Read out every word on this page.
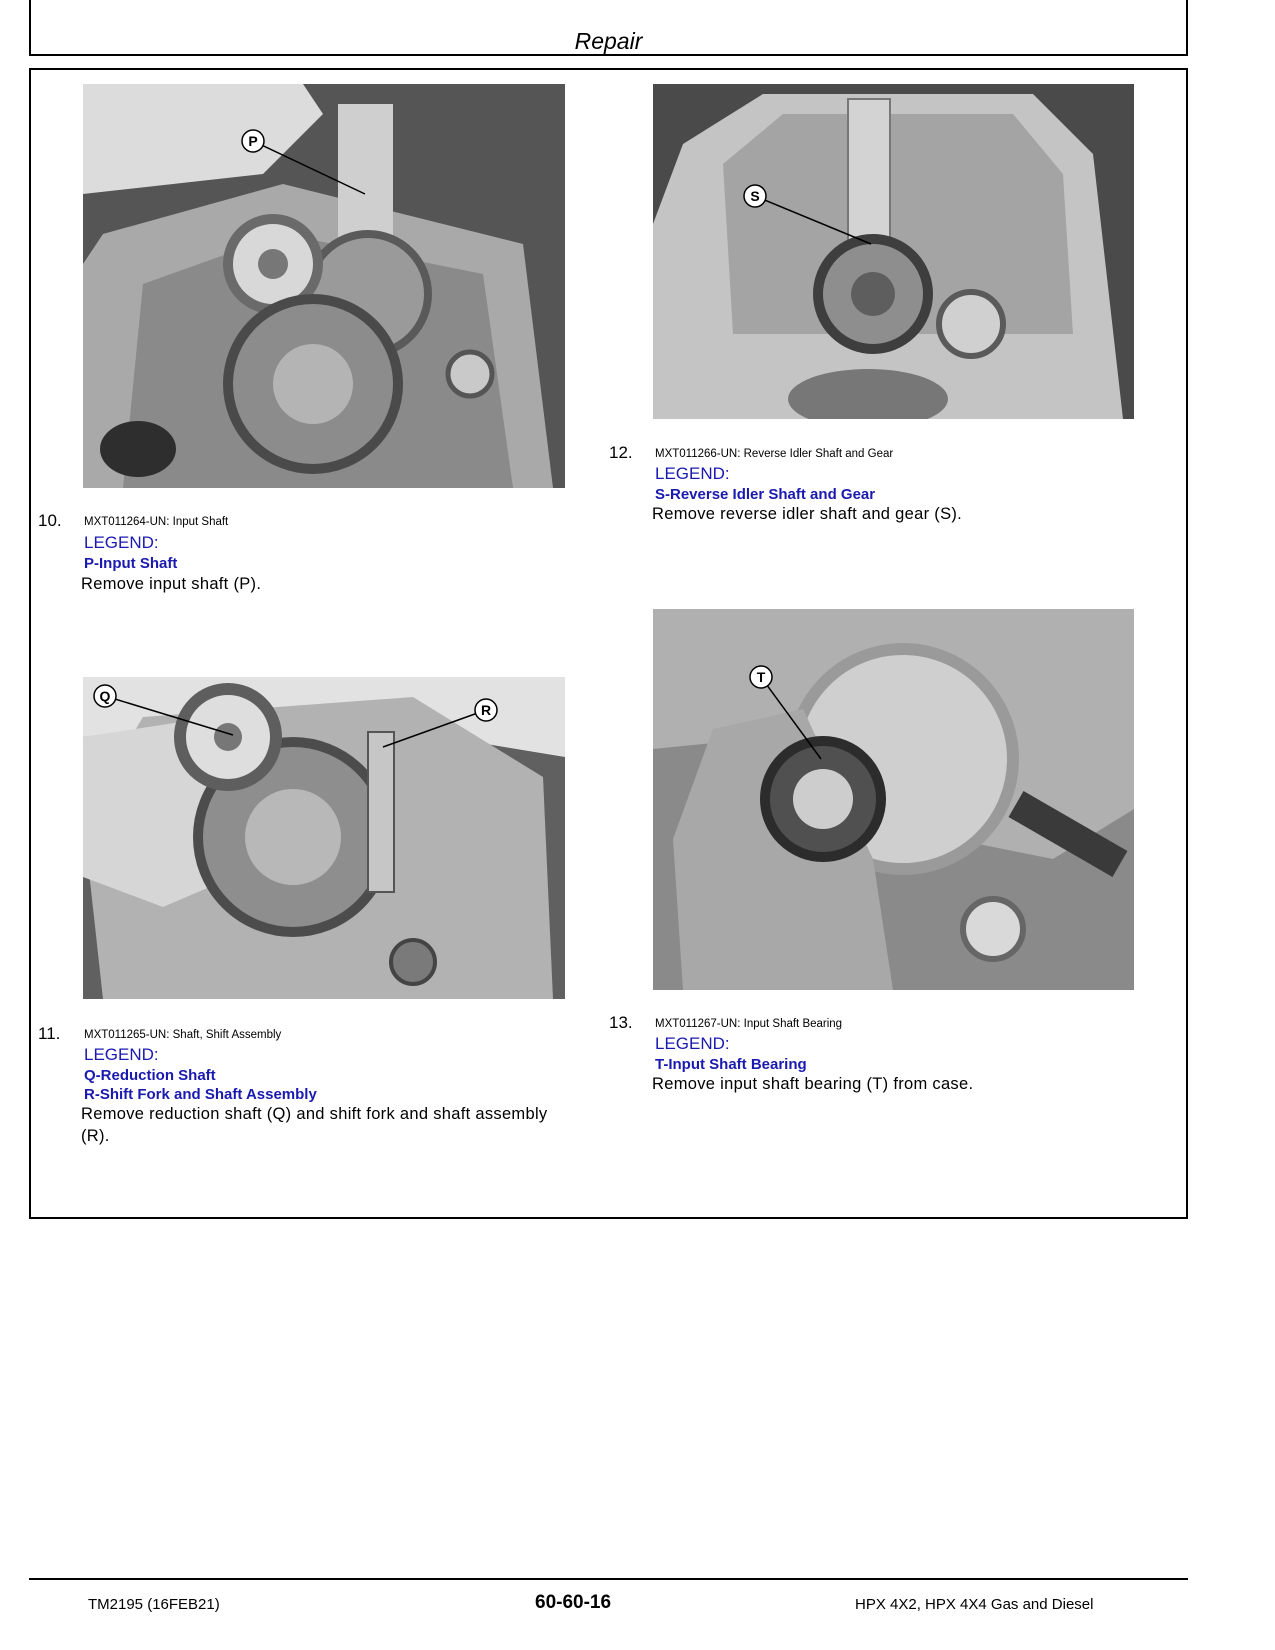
Repair
P
Q
R
S
T
10. MXT011264-UN: Input Shaft
LEGEND:
P-Input Shaft
Remove input shaft (P).
11. MXT011265-UN: Shaft, Shift Assembly
LEGEND:
Q-Reduction Shaft
R-Shift Fork and Shaft Assembly
Remove reduction shaft (Q) and shift fork and shaft assembly
(R).
12. MXT011266-UN: Reverse Idler Shaft and Gear
LEGEND:
S-Reverse Idler Shaft and Gear
Remove reverse idler shaft and gear (S).
13. MXT011267-UN: Input Shaft Bearing
LEGEND:
T-Input Shaft Bearing
Remove input shaft bearing (T) from case.
TM2195 (16FEB21)	60-60-16	HPX 4X2, HPX 4X4 Gas and Diesel
